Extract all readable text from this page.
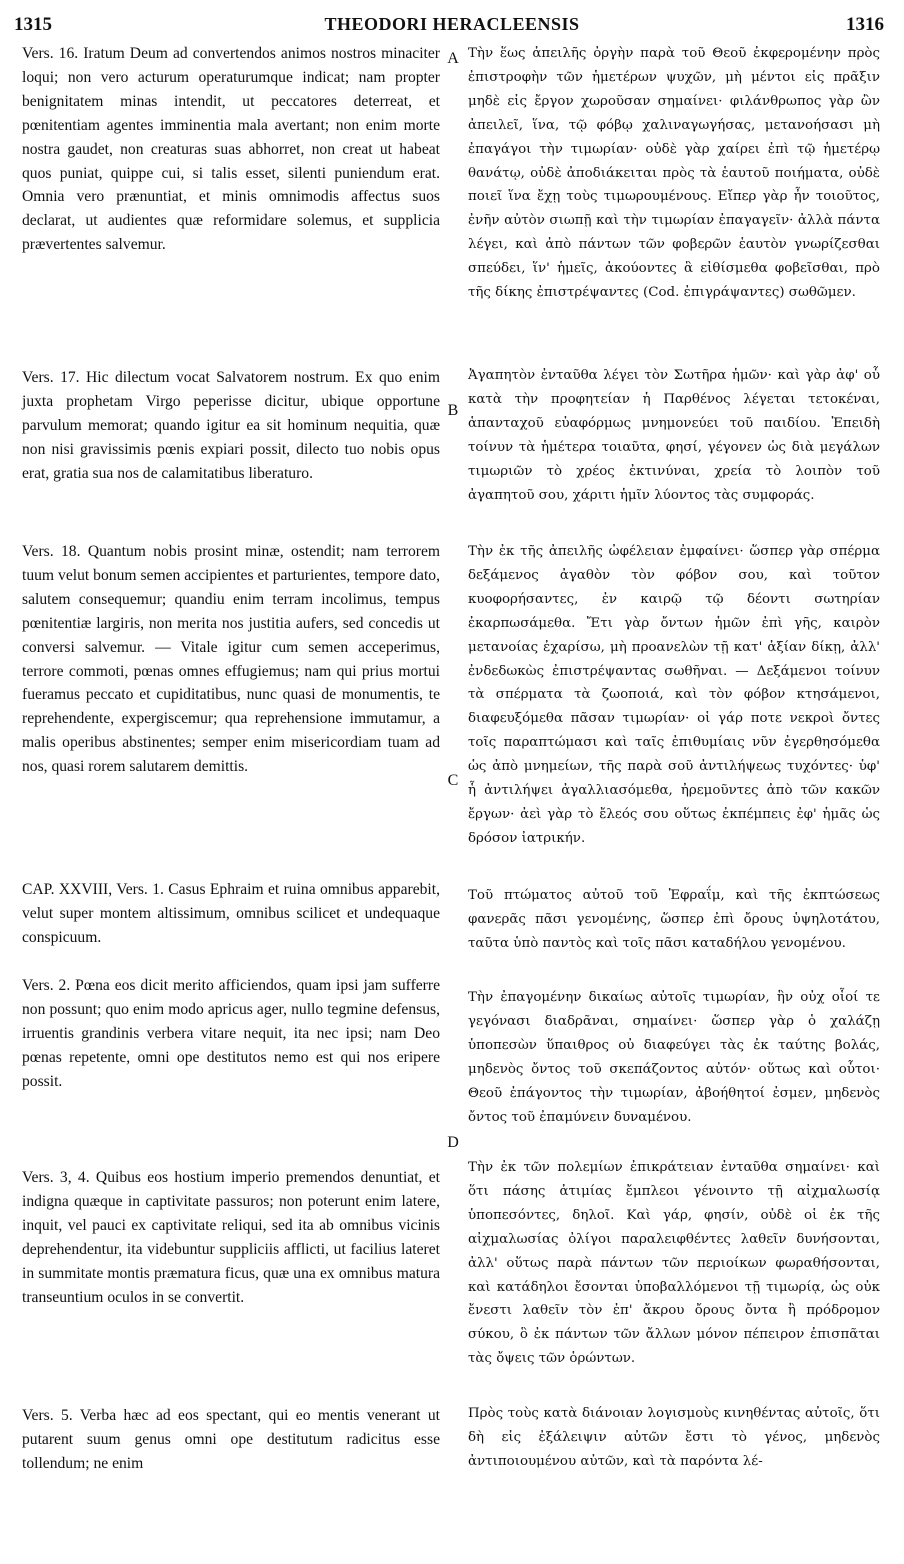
1315	THEODORI HERACLEENSIS	1316
Vers. 16. Iratum Deum ad convertendos animos nostros minaciter loqui; non vero acturum operaturumque indicat; nam propter benignitatem minas intendit, ut peccatores deterreat, et pœnitentiam agentes imminentia mala avertant; non enim morte nostra gaudet, non creaturas suas abhorret, non creat ut habeat quos puniat, quippe cui, si talis esset, silenti puniendum erat. Omnia vero prænuntiat, et minis omnimodis affectus suos declarat, ut audientes quæ reformidare solemus, et supplicia prævertentes salvemur.
Vers. 17. Hic dilectum vocat Salvatorem nostrum. Ex quo enim juxta prophetam Virgo peperisse dicitur, ubique opportune parvulum memorat; quando igitur ea sit hominum nequitia, quæ non nisi gravissimis pœnis expiari possit, dilecto tuo nobis opus erat, gratia sua nos de calamitatibus liberaturo.
Vers. 18. Quantum nobis prosint minæ, ostendit; nam terrorem tuum velut bonum semen accipientes et parturientes, tempore dato, salutem consequemur; quandiu enim terram incolimus, tempus pœnitentiæ largiris, non merita nos justitia aufers, sed concedis ut conversi salvemur. — Vitale igitur cum semen acceperimus, terrore commoti, pœnas omnes effugiemus; nam qui prius mortui fueramus peccato et cupiditatibus, nunc quasi de monumentis, te reprehendente, expergiscemur; qua reprehensione immutamur, a malis operibus abstinentes; semper enim misericordiam tuam ad nos, quasi rorem salutarem demittis.
CAP. XXVIII, Vers. 1. Casus Ephraim et ruina omnibus apparebit, velut super montem altissimum, omnibus scilicet et undequaque conspicuum.
Vers. 2. Pœna eos dicit merito afficiendos, quam ipsi jam sufferre non possunt; quo enim modo apricus ager, nullo tegmine defensus, irruentis grandinis verbera vitare nequit, ita nec ipsi; nam Deo pœnas repetente, omni ope destitutos nemo est qui nos eripere possit.
Vers. 3, 4. Quibus eos hostium imperio premendos denuntiat, et indigna quæque in captivitate passuros; non poterunt enim latere, inquit, vel pauci ex captivitate reliqui, sed ita ab omnibus vicinis deprehendentur, ita videbuntur suppliciis afflicti, ut facilius lateret in summitate montis præmatura ficus, quæ una ex omnibus matura transeuntium oculos in se convertit.
Vers. 5. Verba hæc ad eos spectant, qui eo mentis venerant ut putarent suum genus omni ope destitutum radicitus esse tollendum; ne enim
A
B
C
D
Τὴν ἕως ἀπειλῆς ὀργὴν παρὰ τοῦ Θεοῦ ἐκφερομένην πρὸς ἐπιστροφὴν τῶν ἡμετέρων ψυχῶν, μὴ μέντοι εἰς πρᾶξιν μηδὲ εἰς ἔργον χωροῦσαν σημαίνει· φιλάνθρωπος γὰρ ὢν ἀπειλεῖ, ἵνα, τῷ φόβῳ χαλιναγωγήσας, μετανοήσασι μὴ ἐπαγάγοι τὴν τιμωρίαν· οὐδὲ γὰρ χαίρει ἐπὶ τῷ ἡμετέρῳ θανάτῳ, οὐδὲ ἀποδιάκειται πρὸς τὰ ἑαυτοῦ ποιήματα, οὐδὲ ποιεῖ ἵνα ἔχῃ τοὺς τιμωρουμένους. Εἴπερ γὰρ ἦν τοιοῦτος, ἐνῆν αὐτὸν σιωπῇ καὶ τὴν τιμωρίαν ἐπαγαγεῖν· ἀλλὰ πάντα λέγει, καὶ ἀπὸ πάντων τῶν φοβερῶν ἑαυτὸν γνωρίζεσθαι σπεύδει, ἵν' ἡμεῖς, ἀκούοντες ἃ εἰθίσμεθα φοβεῖσθαι, πρὸ τῆς δίκης ἐπιστρέψαντες (Cod. ἐπιγράψαντες) σωθῶμεν.
Ἀγαπητὸν ἐνταῦθα λέγει τὸν Σωτῆρα ἡμῶν· καὶ γὰρ ἀφ' οὗ κατὰ τὴν προφητείαν ἡ Παρθένος λέγεται τετοκέναι, ἁπανταχοῦ εὐαφόρμως μνημονεύει τοῦ παιδίου. Ἐπειδὴ τοίνυν τὰ ἡμέτερα τοιαῦτα, φησί, γέγονεν ὡς διὰ μεγάλων τιμωριῶν τὸ χρέος ἐκτινύναι, χρεία τὸ λοιπὸν τοῦ ἀγαπητοῦ σου, χάριτι ἡμῖν λύοντος τὰς συμφοράς.
Τὴν ἐκ τῆς ἀπειλῆς ὠφέλειαν ἐμφαίνει· ὥσπερ γὰρ σπέρμα δεξάμενος ἀγαθὸν τὸν φόβον σου, καὶ τοῦτον κυοφορήσαντες, ἐν καιρῷ τῷ δέοντι σωτηρίαν ἐκαρπωσάμεθα. Ἔτι γὰρ ὄντων ἡμῶν ἐπὶ γῆς, καιρὸν μετανοίας ἐχαρίσω, μὴ προανελὼν τῇ κατ' ἀξίαν δίκῃ, ἀλλ' ἐνδεδωκὼς ἐπιστρέψαντας σωθῆναι. — Δεξάμενοι τοίνυν τὰ σπέρματα τὰ ζωοποιά, καὶ τὸν φόβον κτησάμενοι, διαφευξόμεθα πᾶσαν τιμωρίαν· οἱ γάρ ποτε νεκροὶ ὄντες τοῖς παραπτώμασι καὶ ταῖς ἐπιθυμίαις νῦν ἐγερθησόμεθα ὡς ἀπὸ μνημείων, τῆς παρὰ σοῦ ἀντιλήψεως τυχόντες· ὑφ' ἧ ἀντιλήψει ἀγαλλιασόμεθα, ἠρεμοῦντες ἀπὸ τῶν κακῶν ἔργων· ἀεὶ γὰρ τὸ ἔλεός σου οὕτως ἐκπέμπεις ἐφ' ἡμᾶς ὡς δρόσον ἰατρικήν.
Τοῦ πτώματος αὐτοῦ τοῦ Ἐφραΐμ, καὶ τῆς ἐκπτώσεως φανερᾶς πᾶσι γενομένης, ὥσπερ ἐπὶ ὄρους ὑψηλοτάτου, ταῦτα ὑπὸ παντὸς καὶ τοῖς πᾶσι καταδήλου γενομένου.
Τὴν ἐπαγομένην δικαίως αὐτοῖς τιμωρίαν, ἣν οὐχ οἷοί τε γεγόνασι διαδρᾶναι, σημαίνει· ὥσπερ γὰρ ὁ χαλάζῃ ὑποπεσὼν ὕπαιθρος οὐ διαφεύγει τὰς ἐκ ταύτης βολάς, μηδενὸς ὄντος τοῦ σκεπάζοντος αὐτόν· οὕτως καὶ οὗτοι· Θεοῦ ἐπάγοντος τὴν τιμωρίαν, ἀβοήθητοί ἐσμεν, μηδενὸς ὄντος τοῦ ἐπαμύνειν δυναμένου.
Τὴν ἐκ τῶν πολεμίων ἐπικράτειαν ἐνταῦθα σημαίνει· καὶ ὅτι πάσης ἀτιμίας ἔμπλεοι γένοιντο τῇ αἰχμαλωσίᾳ ὑποπεσόντες, δηλοῖ. Καὶ γάρ, φησίν, οὐδὲ οἱ ἐκ τῆς αἰχμαλωσίας ὀλίγοι παραλειφθέντες λαθεῖν δυνήσονται, ἀλλ' οὕτως παρὰ πάντων τῶν περιοίκων φωραθήσονται, καὶ κατάδηλοι ἔσονται ὑποβαλλόμενοι τῇ τιμωρίᾳ, ὡς οὐκ ἔνεστι λαθεῖν τὸν ἐπ' ἄκρου ὄρους ὄντα ἢ πρόδρομον σύκου, ὃ ἐκ πάντων τῶν ἄλλων μόνον πέπειρον ἐπισπᾶται τὰς ὄψεις τῶν ὁρώντων.
Πρὸς τοὺς κατὰ διάνοιαν λογισμοὺς κινηθέντας αὐτοῖς, ὅτι δὴ εἰς ἐξάλειψιν αὐτῶν ἔστι τὸ γένος, μηδενὸς ἀντιποιουμένου αὐτῶν, καὶ τὰ παρόντα λέ-
